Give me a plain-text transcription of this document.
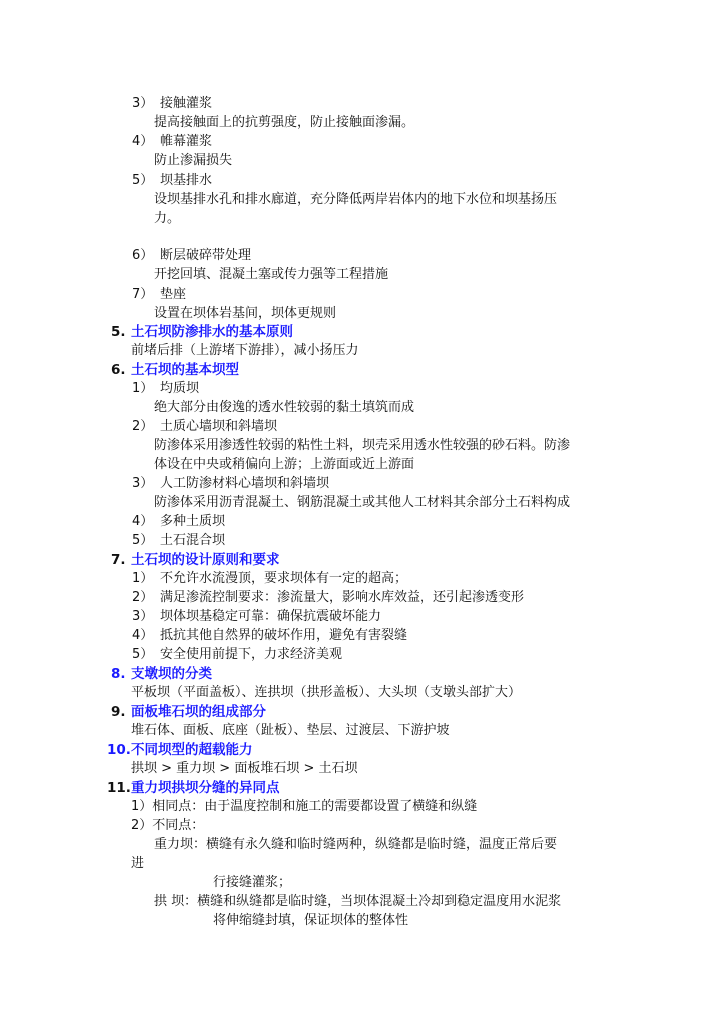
3） 接触灌浆
提高接触面上的抗剪强度，防止接触面渗漏。
4） 帷幕灌浆
防止渗漏损失
5） 坝基排水
设坝基排水孔和排水廊道，充分降低两岸岩体内的地下水位和坝基扬压
力。
6） 断层破碎带处理
开挖回填、混凝土塞或传力强等工程措施
7） 垫座
设置在坝体岩基间，坝体更规则
5. 土石坝防渗排水的基本原则
前堵后排（上游堵下游排），减小扬压力
6. 土石坝的基本坝型
1） 均质坝
绝大部分由俊逸的透水性较弱的黏土填筑而成
2） 土质心墙坝和斜墙坝
防渗体采用渗透性较弱的粘性土料，坝壳采用透水性较强的砂石料。防渗
体设在中央或稍偏向上游；上游面或近上游面
3） 人工防渗材料心墙坝和斜墙坝
防渗体采用沥青混凝土、钢筋混凝土或其他人工材料其余部分土石料构成
4） 多种土质坝
5） 土石混合坝
7. 土石坝的设计原则和要求
1） 不允许水流漫顶，要求坝体有一定的超高；
2） 满足渗流控制要求：渗流量大，影响水库效益，还引起渗透变形
3） 坝体坝基稳定可靠：确保抗震破坏能力
4） 抵抗其他自然界的破坏作用，避免有害裂缝
5） 安全使用前提下，力求经济美观
8. 支墩坝的分类
平板坝（平面盖板）、连拱坝（拱形盖板）、大头坝（支墩头部扩大）
9. 面板堆石坝的组成部分
堆石体、面板、底座（趾板）、垫层、过渡层、下游护坡
10. 不同坝型的超载能力
拱坝 > 重力坝 > 面板堆石坝 > 土石坝
11. 重力坝拱坝分缝的异同点
1）相同点：由于温度控制和施工的需要都设置了横缝和纵缝
2）不同点：
重力坝：横缝有永久缝和临时缝两种，纵缝都是临时缝，温度正常后要
进
行接缝灌浆；
拱 坝：横缝和纵缝都是临时缝，当坝体混凝土冷却到稳定温度用水泥浆
将伸缩缝封填，保证坝体的整体性
